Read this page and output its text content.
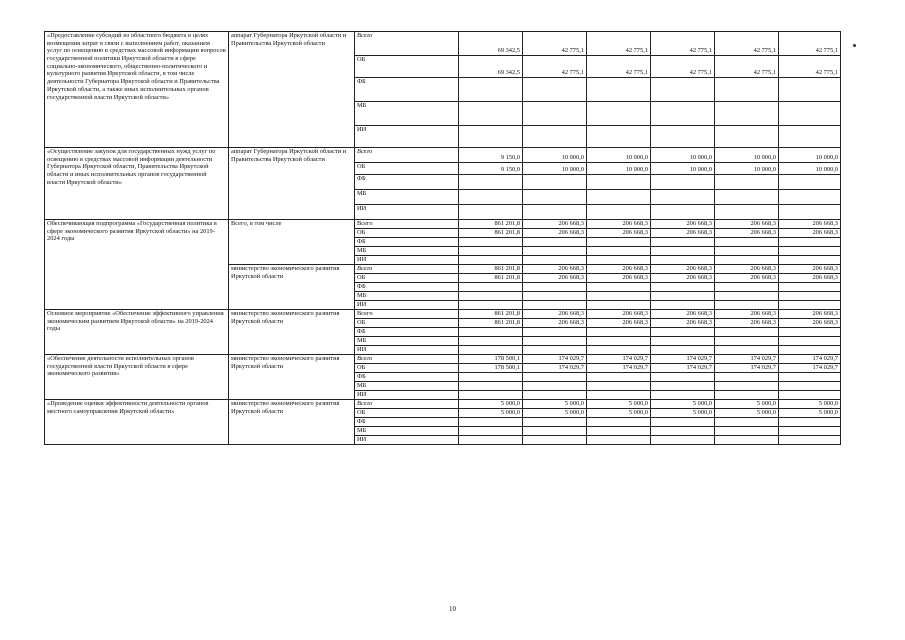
«Предоставление субсидий из областного бюджета в целях возмещения затрат в связи с выполнением работ, оказанием услуг по освещению в средствах массовой информации вопросов государственной политики Иркутской области в сфере социально-экономического, общественно-политического и культурного развития Иркутской области, в том числе деятельности Губернатора Иркутской области и Правительства Иркутской области, а также иных исполнительных органов государственной власти Иркутской области»	аппарат Губернатора Иркутской области и Правительства Иркутской области	Всего	69 342,5	42 775,1	42 775,1	42 775,1	42 775,1	42 775,1
		ОБ	69 342,5	42 775,1	42 775,1	42 775,1	42 775,1	42 775,1
		ФБ						
		МБ						
		ИИ						
«Осуществление закупок для государственных нужд услуг по освещению в средствах массовой информации деятельности Губернатора Иркутской области, Правительства Иркутской области и иных исполнительных органов государственной власти Иркутской области»	аппарат Губернатора Иркутской области и Правительства Иркутской области	Всего	9 150,0	10 000,0	10 000,0	10 000,0	10 000,0	10 000,0
		ОБ	9 150,0	10 000,0	10 000,0	10 000,0	10 000,0	10 000,0
		ФБ						
		МБ						
		ИИ						
Обеспечивающая подпрограмма «Государственная политика в сфере экономического развития Иркутской области» на 2019-2024 годы	Всего, в том числе	Всего	861 201,8	206 668,3	206 668,3	206 668,3	206 668,3	206 668,3
		ОБ	861 201,8	206 668,3	206 668,3	206 668,3	206 668,3	206 668,3
		ФБ						
		МБ						
		ИИ						
	министерство экономического развития Иркутской области	Всего	861 201,8	206 668,3	206 668,3	206 668,3	206 668,3	206 668,3
		ОБ	861 201,8	206 668,3	206 668,3	206 668,3	206 668,3	206 668,3
		ФБ						
		МБ						
		ИИ						
Основное мероприятие «Обеспечение эффективного управления экономическим развитием Иркутской области» на 2019-2024 годы	министерство экономического развития Иркутской области	Всего	861 201,8	206 668,3	206 668,3	206 668,3	206 668,3	206 668,3
		ОБ	861 201,8	206 668,3	206 668,3	206 668,3	206 668,3	206 668,3
		ФБ						
		МБ						
		ИИ						
«Обеспечение деятельности исполнительных органов государственной власти Иркутской области в сфере экономического развития»	министерство экономического развития Иркутской области	Всего	178 500,1	174 029,7	174 029,7	174 029,7	174 029,7	174 029,7
		ОБ	178 500,1	174 029,7	174 029,7	174 029,7	174 029,7	174 029,7
		ФБ						
		МБ						
		ИИ						
«Проведение оценки эффективности деятельности органов местного самоуправления Иркутской области»	министерство экономического развития Иркутской области	Всего	5 000,0	5 000,0	5 000,0	5 000,0	5 000,0	5 000,0
		ОБ	5 000,0	5 000,0	5 000,0	5 000,0	5 000,0	5 000,0
		ФБ						
		МБ						
		ИИ						
10
